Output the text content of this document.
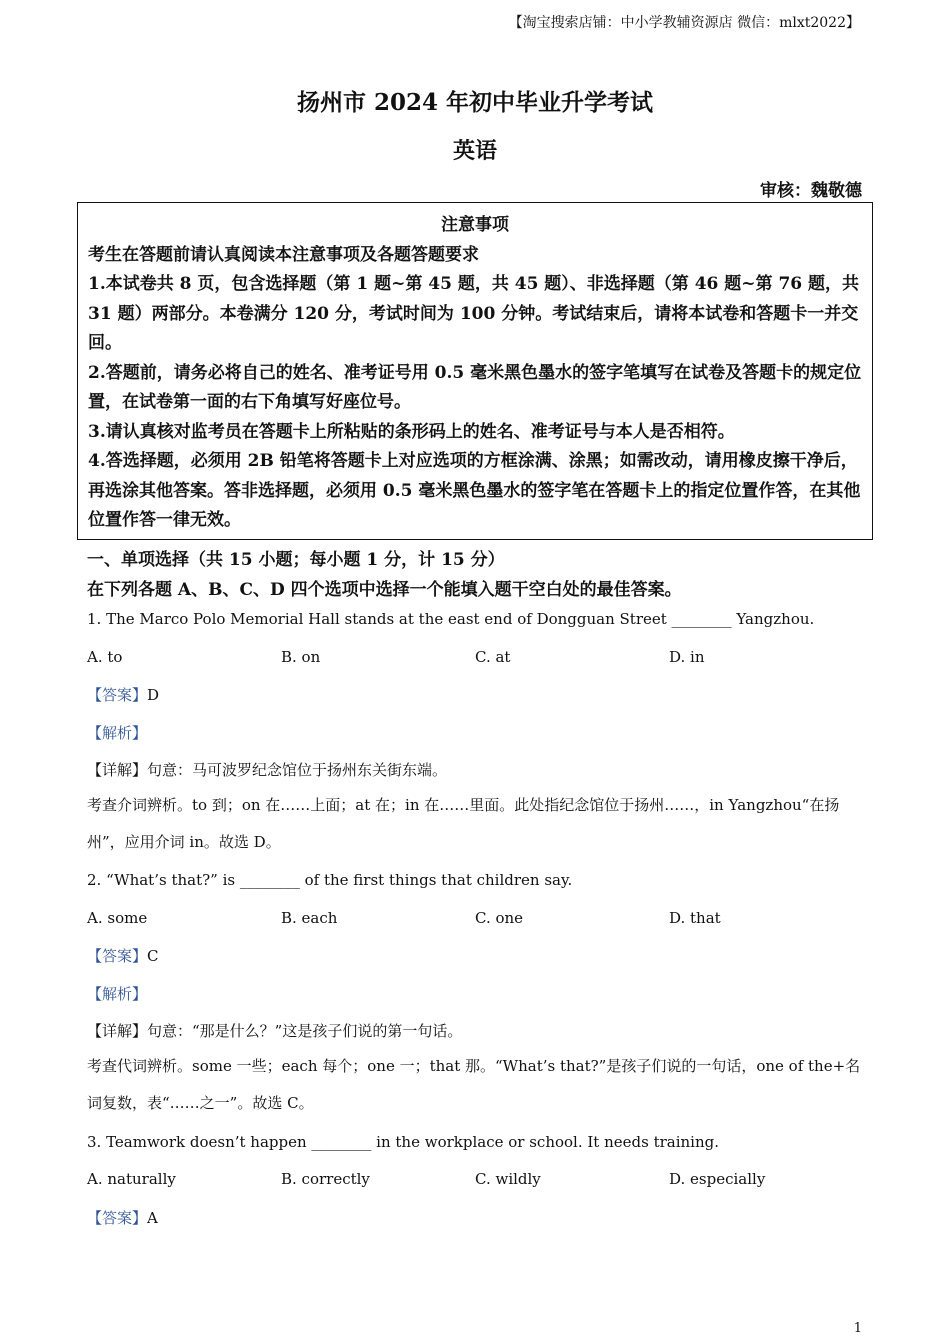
【淘宝搜索店铺：中小学教辅资源店 微信：mlxt2022】
扬州市 2024 年初中毕业升学考试
英语
审核：魏敬德
注意事项
考生在答题前请认真阅读本注意事项及各题答题要求
1.本试卷共 8 页，包含选择题（第 1 题~第 45 题，共 45 题）、非选择题（第 46 题~第 76 题，共 31 题）两部分。本卷满分 120 分，考试时间为 100 分钟。考试结束后，请将本试卷和答题卡一并交回。
2.答题前，请务必将自己的姓名、准考证号用 0.5 毫米黑色墨水的签字笔填写在试卷及答题卡的规定位置，在试卷第一面的右下角填写好座位号。
3.请认真核对监考员在答题卡上所粘贴的条形码上的姓名、准考证号与本人是否相符。
4.答选择题，必须用 2B 铅笔将答题卡上对应选项的方框涂满、涂黑；如需改动，请用橡皮擦干净后，再选涂其他答案。答非选择题，必须用 0.5 毫米黑色墨水的签字笔在答题卡上的指定位置作答，在其他位置作答一律无效。
一、单项选择（共 15 小题；每小题 1 分，计 15 分）
在下列各题 A、B、C、D 四个选项中选择一个能填入题干空白处的最佳答案。
1. The Marco Polo Memorial Hall stands at the east end of Dongguan Street ________ Yangzhou.
A. to	B. on	C. at	D. in
【答案】D
【解析】
【详解】句意：马可波罗纪念馆位于扬州东关街东端。
考查介词辨析。to 到；on 在……上面；at 在；in 在……里面。此处指纪念馆位于扬州……，in Yangzhou“在扬州”，应用介词 in。故选 D。
2. “What’s that?” is ________ of the first things that children say.
A. some	B. each	C. one	D. that
【答案】C
【解析】
【详解】句意：“那是什么？”这是孩子们说的第一句话。
考查代词辨析。some 一些；each 每个；one 一；that 那。“What’s that?”是孩子们说的一句话，one of the+名词复数，表“……之一”。故选 C。
3. Teamwork doesn’t happen ________ in the workplace or school. It needs training.
A. naturally	B. correctly	C. wildly	D. especially
【答案】A
1
